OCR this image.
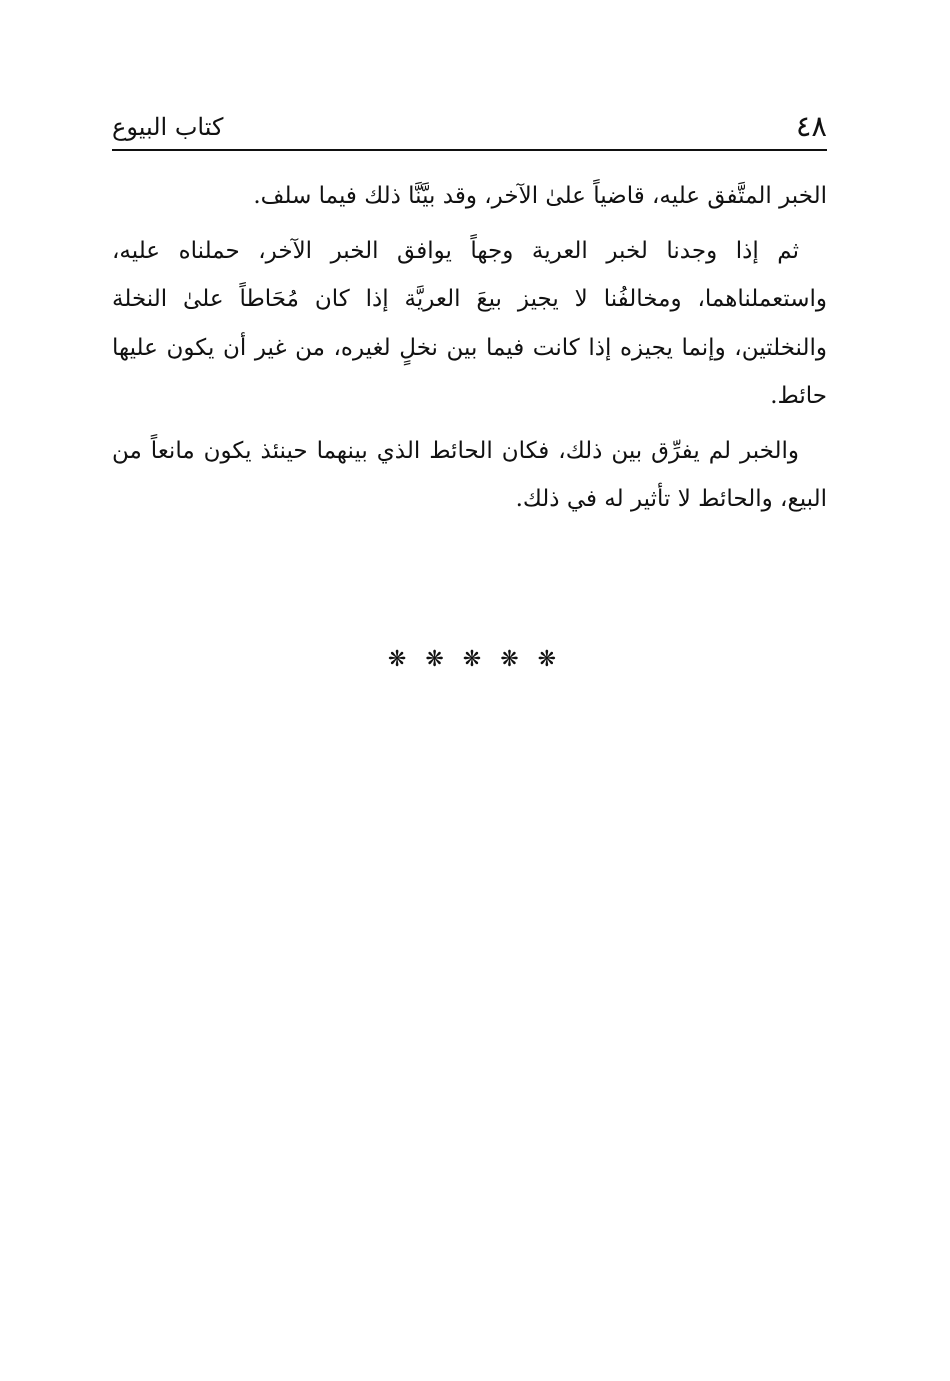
٤٨
كتاب البيوع

الخبر المتَّفق عليه، قاضياً علىٰ الآخر، وقد بيَّنَّا ذلك فيما سلف.

ثم إذا وجدنا لخبر العرية وجهاً يوافق الخبر الآخر، حملناه عليه، واستعملناهما، ومخالفُنا لا يجيز بيعَ العريَّة إذا كان مُحَاطاً علىٰ النخلة والنخلتين، وإنما يجيزه إذا كانت فيما بين نخلٍ لغيره، من غير أن يكون عليها حائط.

والخبر لم يفرِّق بين ذلك، فكان الحائط الذي بينهما حينئذ يكون مانعاً من البيع، والحائط لا تأثير له في ذلك.

❋ ❋ ❋ ❋ ❋
